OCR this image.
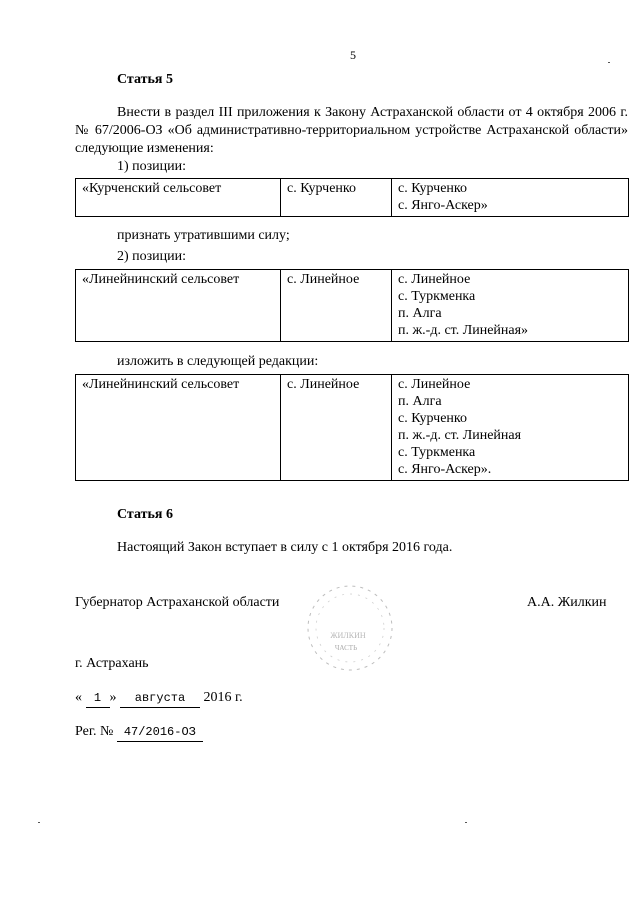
5
Статья 5

Внести в раздел III приложения к Закону Астраханской области от 4 октября 2006 г. № 67/2006-ОЗ «Об административно-территориальном устройстве Астраханской области» следующие изменения:

1) позиции:
«Курченский сельсовет	с. Курченко	с. Курченко
с. Янго-Аскер»
признать утратившими силу;
2) позиции:
«Линейнинский сельсовет	с. Линейное	с. Линейное
с. Туркменка
п. Алга
п. ж.-д. ст. Линейная»
изложить в следующей редакции:
«Линейнинский сельсовет	с. Линейное	с. Линейное
п. Алга
с. Курченко
п. ж.-д. ст. Линейная
с. Туркменка
с. Янго-Аскер».
Статья 6
Настоящий Закон вступает в силу с 1 октября 2016 года.
ЖИЛКИН
ЧАСТЬ
Губернатор Астраханской области	А.А. Жилкин
г. Астрахань
« 1 » августа 2016 г.
Рег. № 47/2016-ОЗ
